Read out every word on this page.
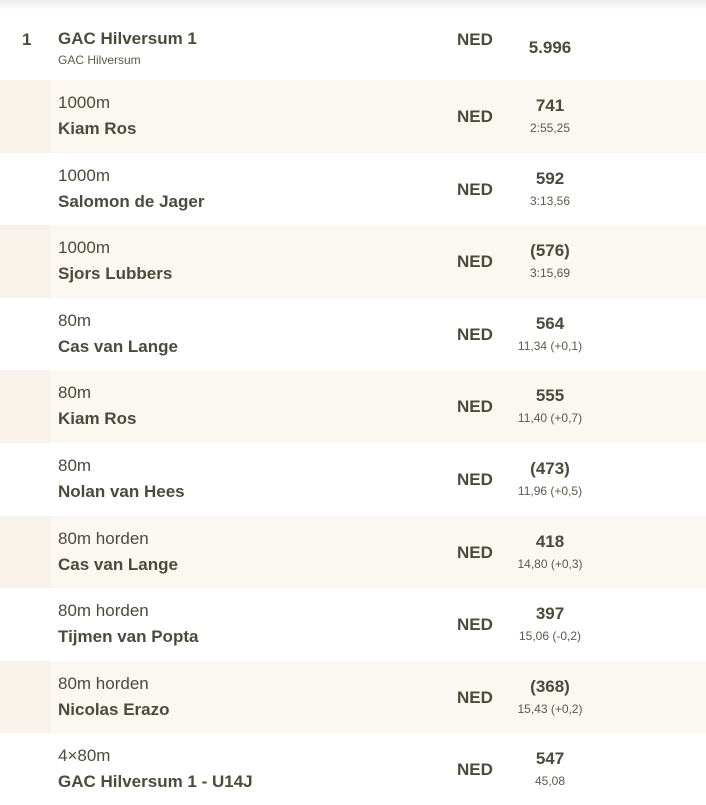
1 GAC Hilversum 1
GAC Hilversum
NED	5.996
1000m
Kiam Ros
NED
741
2:55,25
1000m
Salomon de Jager
NED
592
3:13,56
1000m
Sjors Lubbers
NED
(576)
3:15,69
80m
Cas van Lange
NED
564
11,34 (+0,1)
80m
Kiam Ros
NED
555
11,40 (+0,7)
80m
Nolan van Hees
NED
(473)
11,96 (+0,5)
80m horden
Cas van Lange
NED
418
14,80 (+0,3)
80m horden
Tijmen van Popta
NED
397
15,06 (-0,2)
80m horden
Nicolas Erazo
NED
(368)
15,43 (+0,2)
4×80m
GAC Hilversum 1 - U14J
NED
547
45,08
